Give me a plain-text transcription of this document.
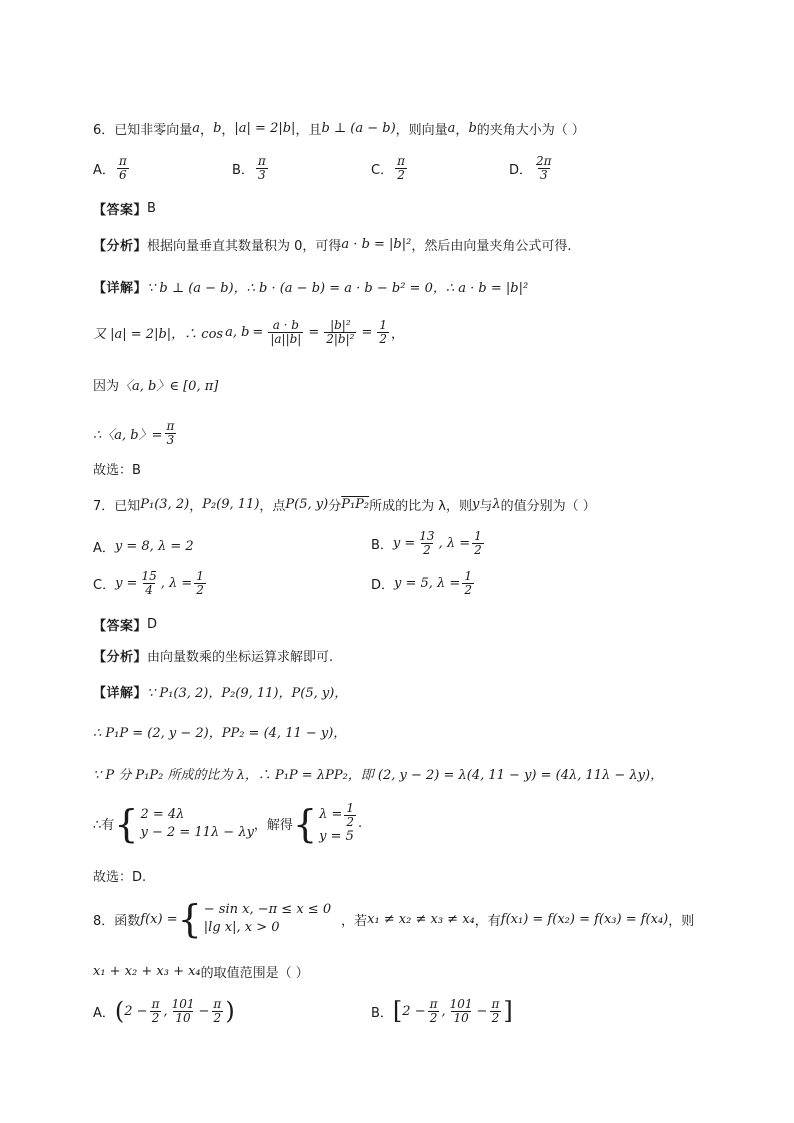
6．已知非零向量 a ， b ， |a| = 2|b| ，且 b ⊥ (a − b) ，则向量 a ， b 的夹角大小为（ ）
A． $\frac{\pi}{6}$	B． $\frac{\pi}{3}$	C． $\frac{\pi}{2}$	D． $\frac{2\pi}{3}$
【答案】 B
【分析】 根据向量垂直其数量积为 0，可得 a · b = |b|² ，然后由向量夹角公式可得.
【详解】 ∵ b ⊥ (a − b)，∴ b · (a − b) = a · b − b² = 0，∴ a · b = |b|²
又 |a| = 2|b|，∴ cos a, $b = \frac{a \cdot b}{|a||b|} = \frac{\text{|b|²}}{\text{2|b|²}} = \frac{1}{2}$ ，
因为 〈a, b〉∈ [0, π]
∴〈a, b〉= $\frac{\pi}{3}$
故选：B
7．已知 P₁(3, 2) ， P₂(9, 11) ，点 P(5, y) 分 P₁P₂ 所成的比为 λ，则 y 与 λ 的值分别为（ ）
A． y = 8, λ = 2	B． $y = \frac{13}{2}$ , $\lambda = \frac{1}{2}$
C． $y = \frac{15}{4}$ , $\lambda = \frac{1}{2}$	D． y = 5, $\lambda = \frac{1}{2}$
【答案】 D
【分析】 由向量数乘的坐标运算求解即可.
【详解】 ∵ P₁(3, 2)，P₂(9, 11)，P(5, y)，
∴ P₁P = (2, y − 2)，PP₂ = (4, 11 − y)，
∵ P 分 P₁P₂ 所成的比为 λ，∴ P₁P = λPP₂，即 (2, y − 2) = λ(4, 11 − y) = (4λ, 11λ − λy)，
∴有 { 2 = 4λ
y − 2 = 11λ − λy ，解得 { $\lambda = \frac{1}{2}$
y = 5
.
故选：D.
8．函数 f(x) = { − sin x, −π ≤ x ≤ 0
|lg x|, x > 0	，若 x₁ ≠ x₂ ≠ x₃ ≠ x₄ ，有 f(x₁) = f(x₂) = f(x₃) = f(x₄) ，则
x₁ + x₂ + x₃ + x₄ 的取值范围是（ ）
A． ( $2 - \frac{\pi}{2}$ , $\frac{101}{10} - \frac{\pi}{2}$ )	B． [ $2 - \frac{\pi}{2}$ , $\frac{101}{10} - \frac{\pi}{2}$ ]
